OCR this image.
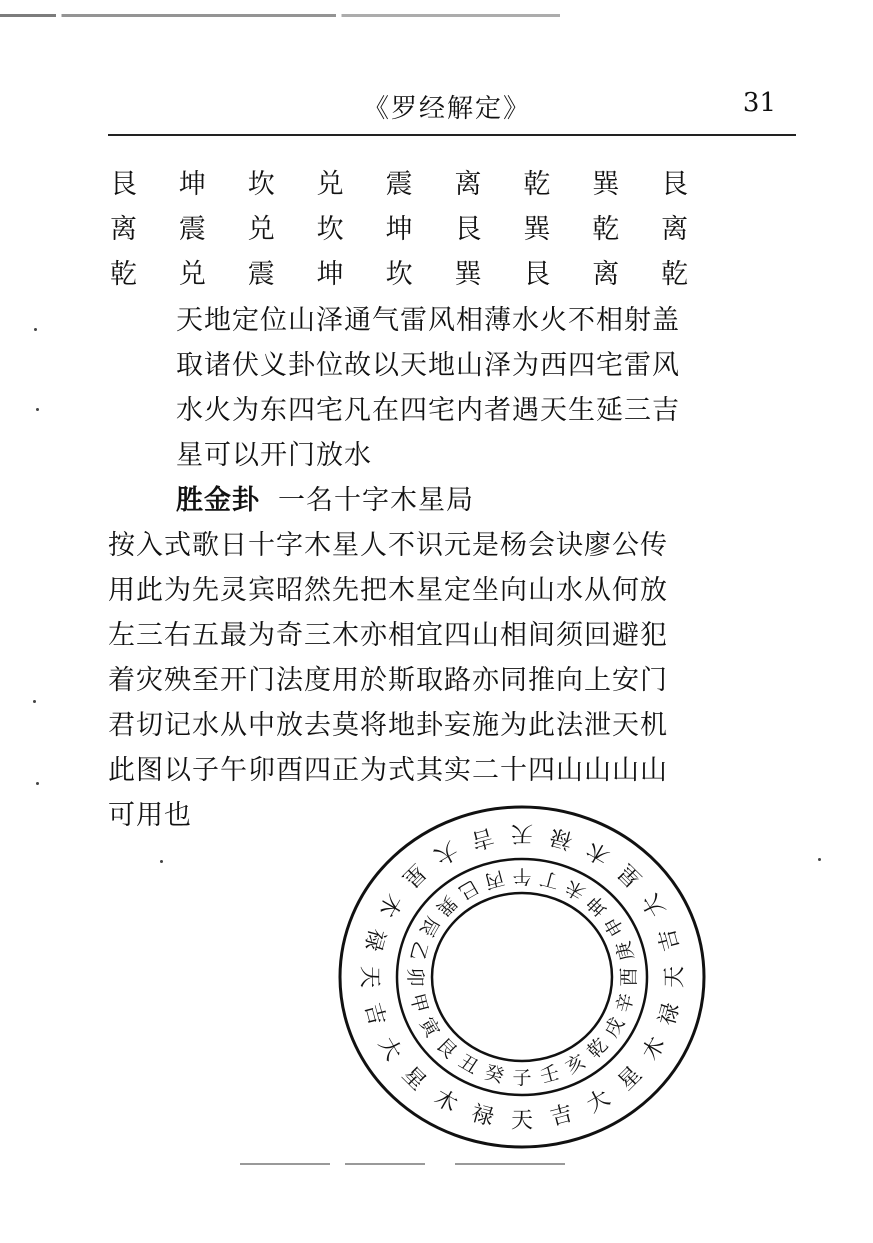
《罗经解定》	31
艮	坤	坎	兑	震	离	乾	巽	艮
离	震	兑	坎	坤	艮	巽	乾	离
乾	兑	震	坤	坎	巽	艮	离	乾
天地定位山泽通气雷风相薄水火不相射盖
取诸伏义卦位故以天地山泽为西四宅雷风
水火为东四宅凡在四宅内者遇天生延三吉
星可以开门放水
胜金卦 一名十字木星局
按入式歌日十字木星人不识元是杨会诀廖公传
用此为先灵宾昭然先把木星定坐向山水从何放
左三右五最为奇三木亦相宜四山相间须回避犯
着灾殃至开门法度用於斯取路亦同推向上安门
君切记水从中放去莫将地卦妄施为此法泄天机
此图以子午卯酉四正为式其实二十四山山山山
可用也
子
癸
丑
艮
寅
甲
卯
乙
辰
巽
巳 丙 午 丁 未
坤
申
庚
酉
辛
戌
乾
亥
壬
天
禄
木
星
大
吉
天
禄
木
星
大 吉 天 禄 木
星
大
吉
天
禄
木
星
大
吉
